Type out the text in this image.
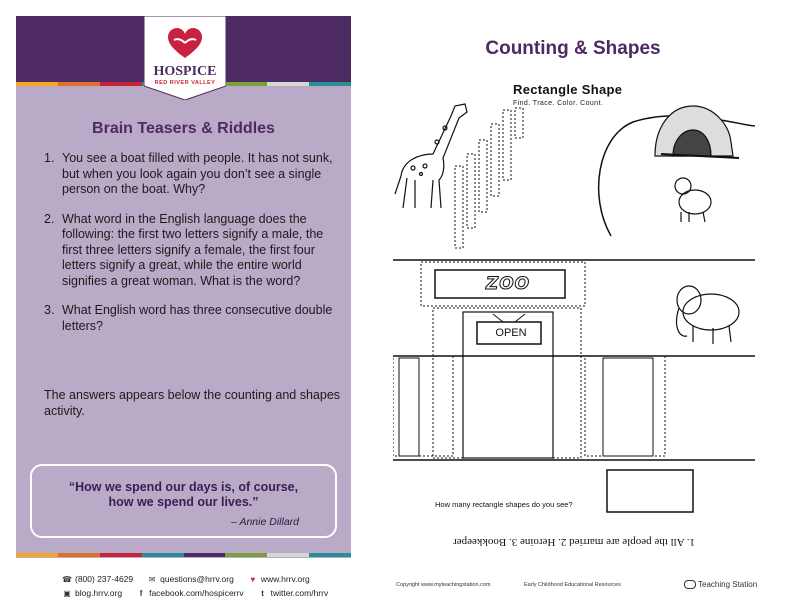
HOSPICE
RED RIVER VALLEY
Brain Teasers & Riddles
1. You see a boat filled with people. It has not sunk, but when you look again you don’t see a single person on the boat. Why?
2. What word in the English language does the following: the first two letters signify a male, the first three letters signify a female, the first four letters signify a great, while the entire world signifies a great woman. What is the word?
3. What English word has three consecutive double letters?
The answers appears below the counting and shapes activity.
“How we spend our days is, of course,
how we spend our lives.”
– Annie Dillard
☎ (800) 237-4629 ✉ questions@hrrv.org	♥ www.hrrv.org
▣ blog.hrrv.org	f facebook.com/hospicerrv	t twitter.com/hrrv
Counting & Shapes
Rectangle Shape
Find. Trace. Color. Count.
ZOO
OPEN
How many rectangle shapes do you see?
1. All the people are married 2. Heroine 3. Bookkeeper
Copyright www.myteachingstation.com	Early Childhood Educational Resources	Teaching Station
